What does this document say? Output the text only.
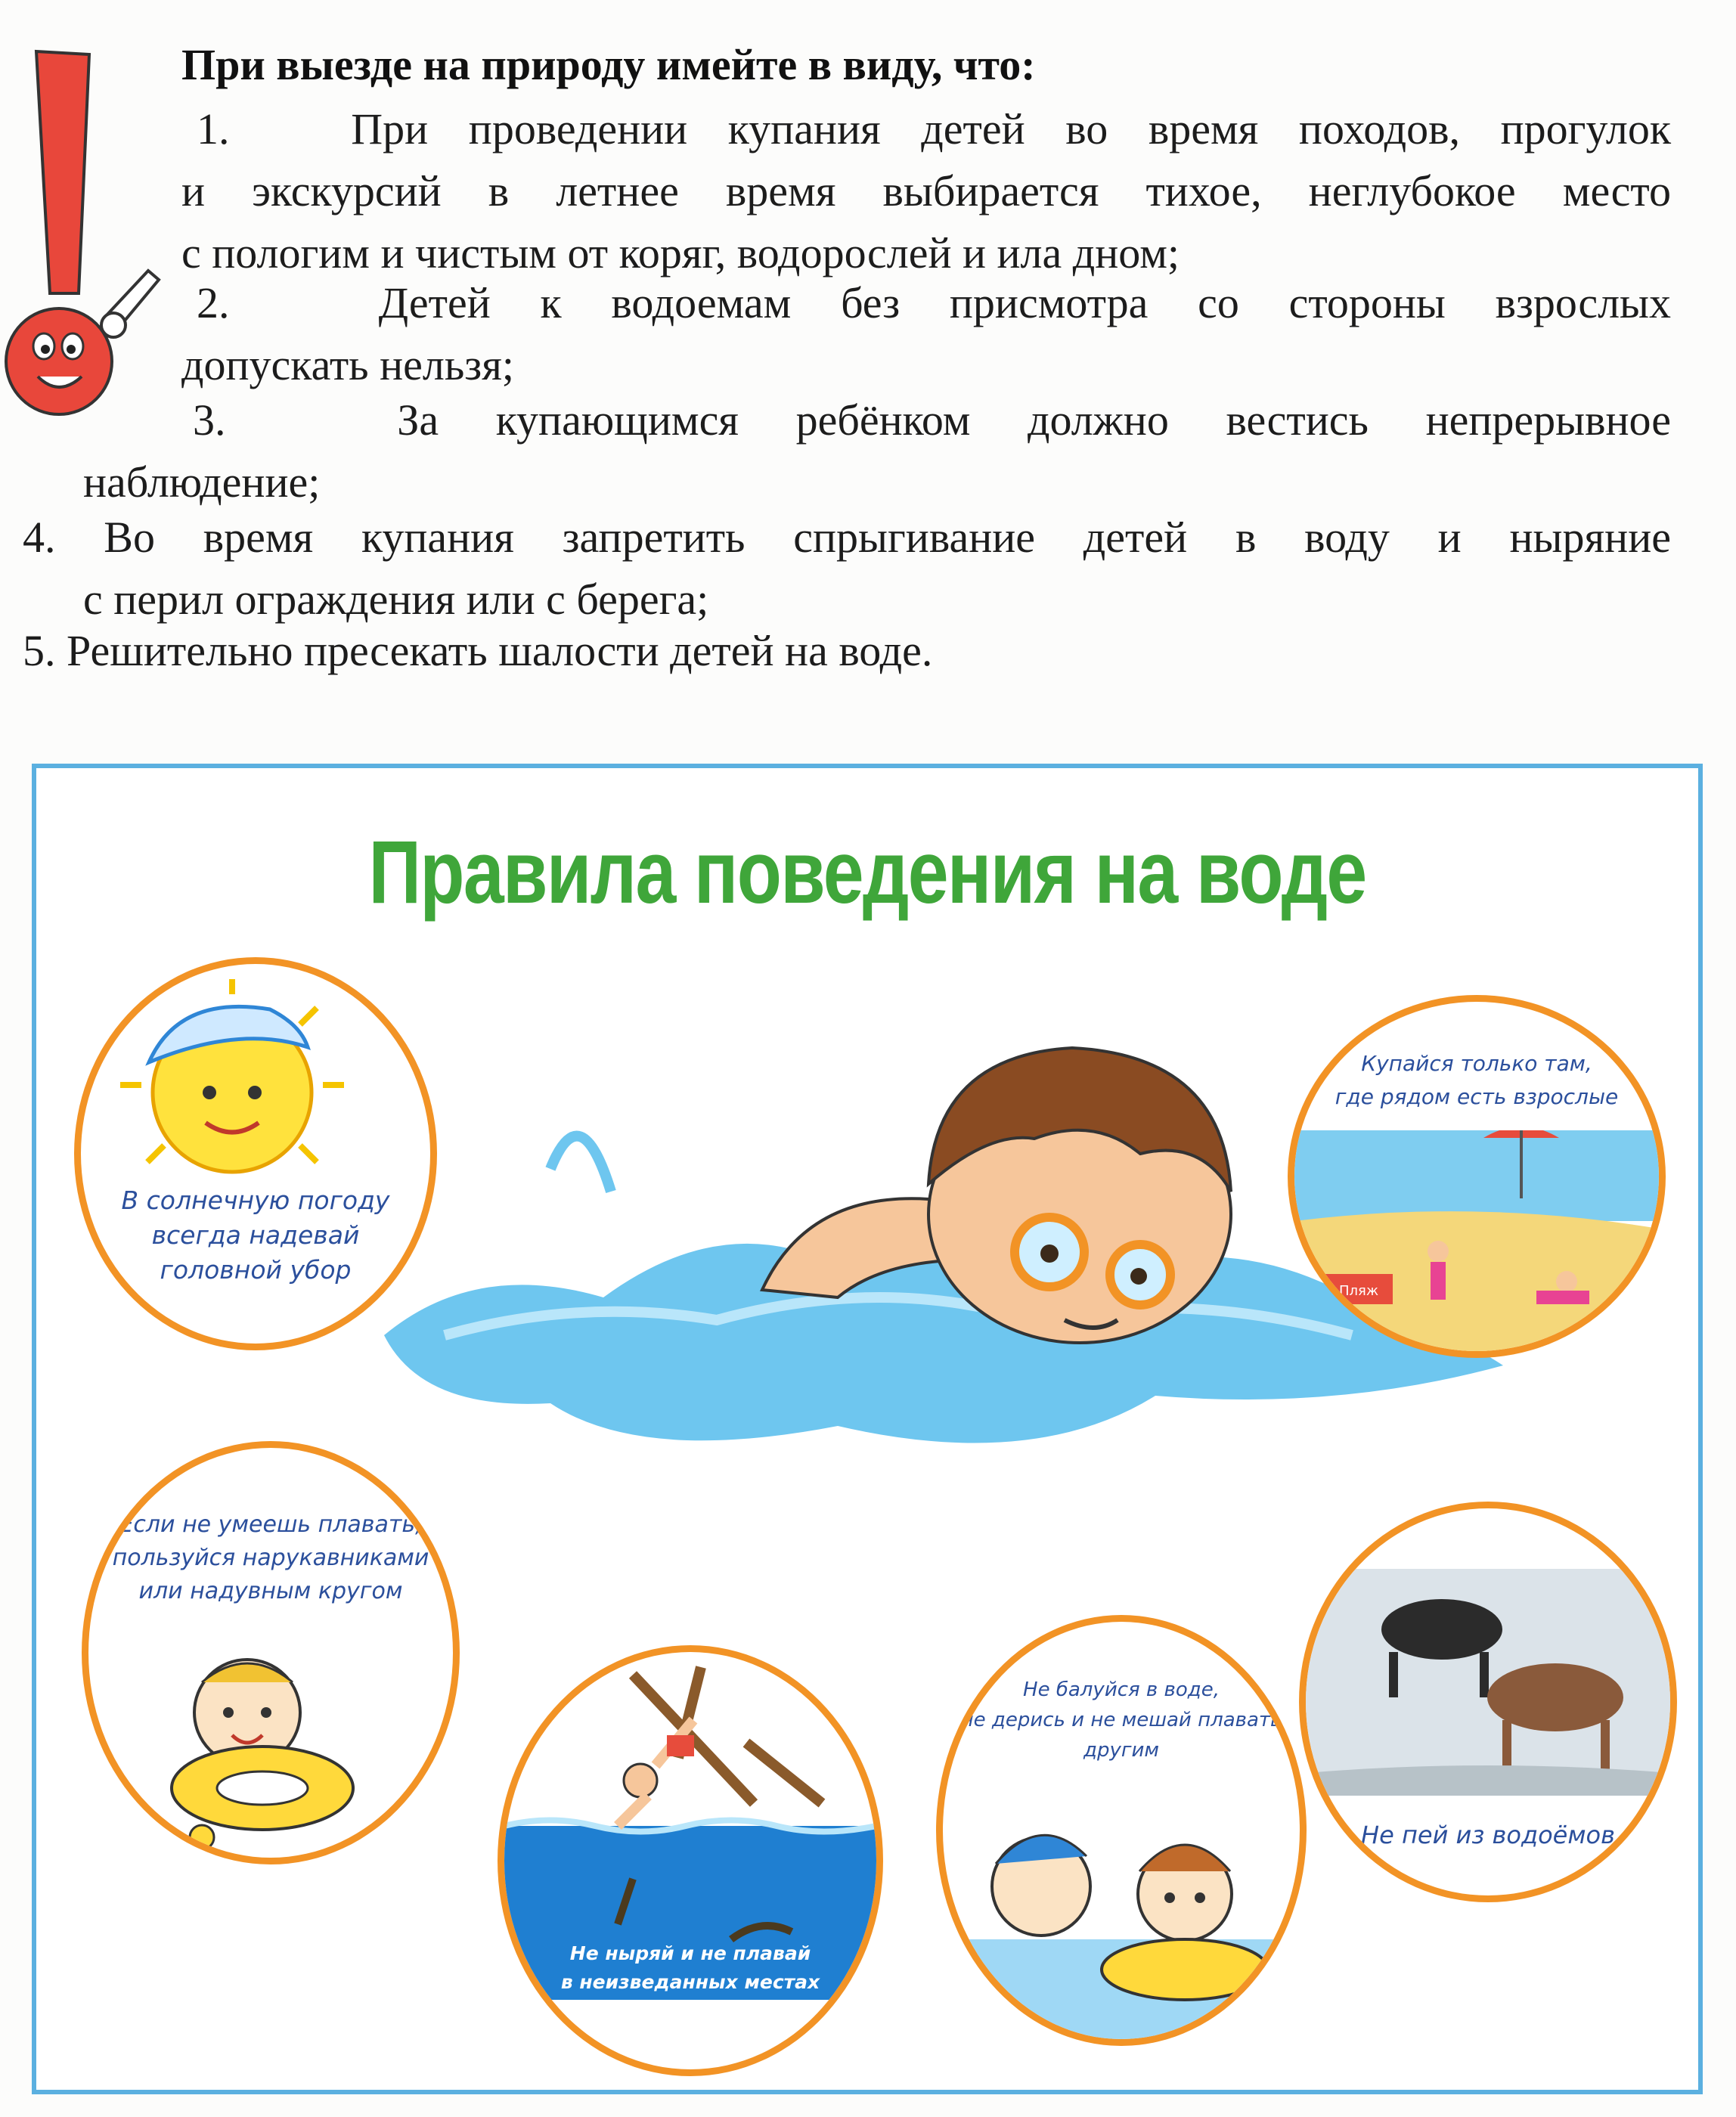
При выезде на природу имейте в виду, что:
1.	При проведении купания детей во время походов, прогулок
и экскурсий в летнее время выбирается тихое, неглубокое место
с пологим и чистым от коряг, водорослей и ила дном;
2.	Детей к водоемам без присмотра со стороны взрослых
допускать нельзя;
3.	За купающимся ребёнком должно вестись непрерывное
наблюдение;
4. Во время купания запретить спрыгивание детей в воду и ныряние
с перил ограждения или с берега;
5. Решительно пресекать шалости детей на воде.
Правила поведения на воде
В солнечную погоду
всегда надевай
головной убор
Купайся только там,
где рядом есть взрослые
Пляж
Если не умеешь плавать,
пользуйся нарукавниками
или надувным кругом
Не ныряй и не плавай
в неизведанных местах
в грязной или
холодной воде
Не балуйся в воде,
не дерись и не мешай плавать
другим
Не пей из водоёмов
